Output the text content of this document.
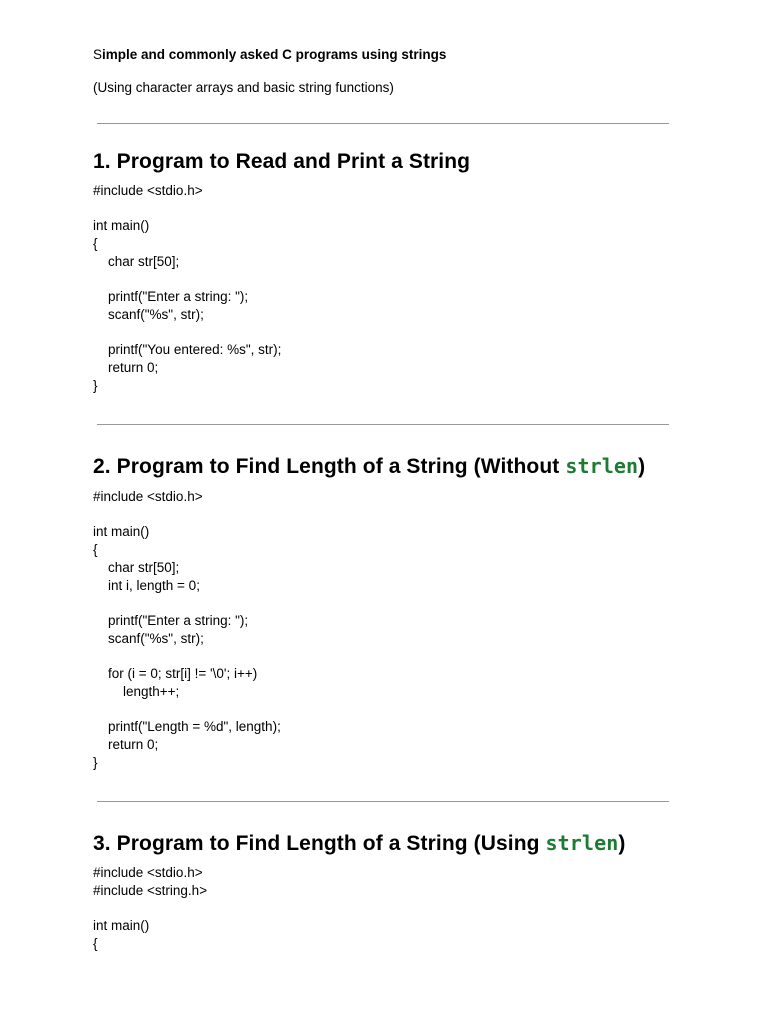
Simple and commonly asked C programs using strings
(Using character arrays and basic string functions)
1. Program to Read and Print a String
#include <stdio.h>

int main()
{
char str[50];

printf("Enter a string: ");
scanf("%s", str);

printf("You entered: %s", str);
return 0;
}
2. Program to Find Length of a String (Without strlen)
#include <stdio.h>

int main()
{
char str[50];
int i, length = 0;

printf("Enter a string: ");
scanf("%s", str);

for (i = 0; str[i] != '\0'; i++)
length++;

printf("Length = %d", length);
return 0;
}
3. Program to Find Length of a String (Using strlen)
#include <stdio.h>
#include <string.h>

int main()
{
